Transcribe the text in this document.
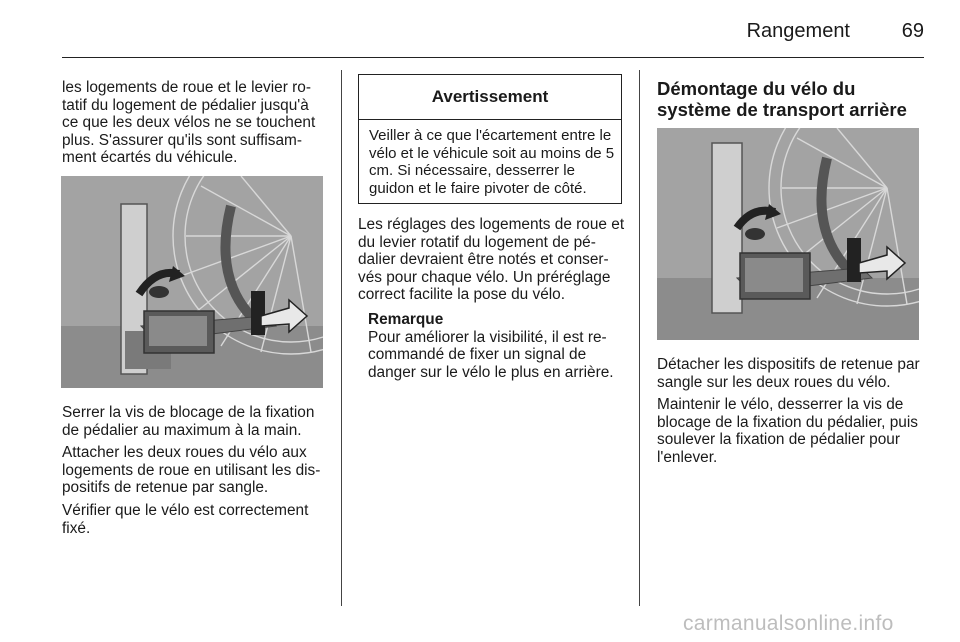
Rangement	69

les logements de roue et le levier ro-tatif du logement de pédalier jusqu'à ce que les deux vélos ne se touchent plus. S'assurer qu'ils sont suffisam-ment écartés du véhicule.

Serrer la vis de blocage de la fixation de pédalier au maximum à la main.

Attacher les deux roues du vélo aux logements de roue en utilisant les dis-positifs de retenue par sangle.

Vérifier que le vélo est correctement fixé.

Avertissement

Veiller à ce que l'écartement entre le vélo et le véhicule soit au moins de 5 cm. Si nécessaire, desserrer le guidon et le faire pivoter de côté.

Les réglages des logements de roue et du levier rotatif du logement de pé-dalier devraient être notés et conser-vés pour chaque vélo. Un préréglage correct facilite la pose du vélo.

Remarque
Pour améliorer la visibilité, il est re-commandé de fixer un signal de danger sur le vélo le plus en arrière.
Démontage du vélo du système de transport arrière

Détacher les dispositifs de retenue par sangle sur les deux roues du vélo.

Maintenir le vélo, desserrer la vis de blocage de la fixation du pédalier, puis soulever la fixation de pédalier pour l'enlever.

carmanualsonline.info
